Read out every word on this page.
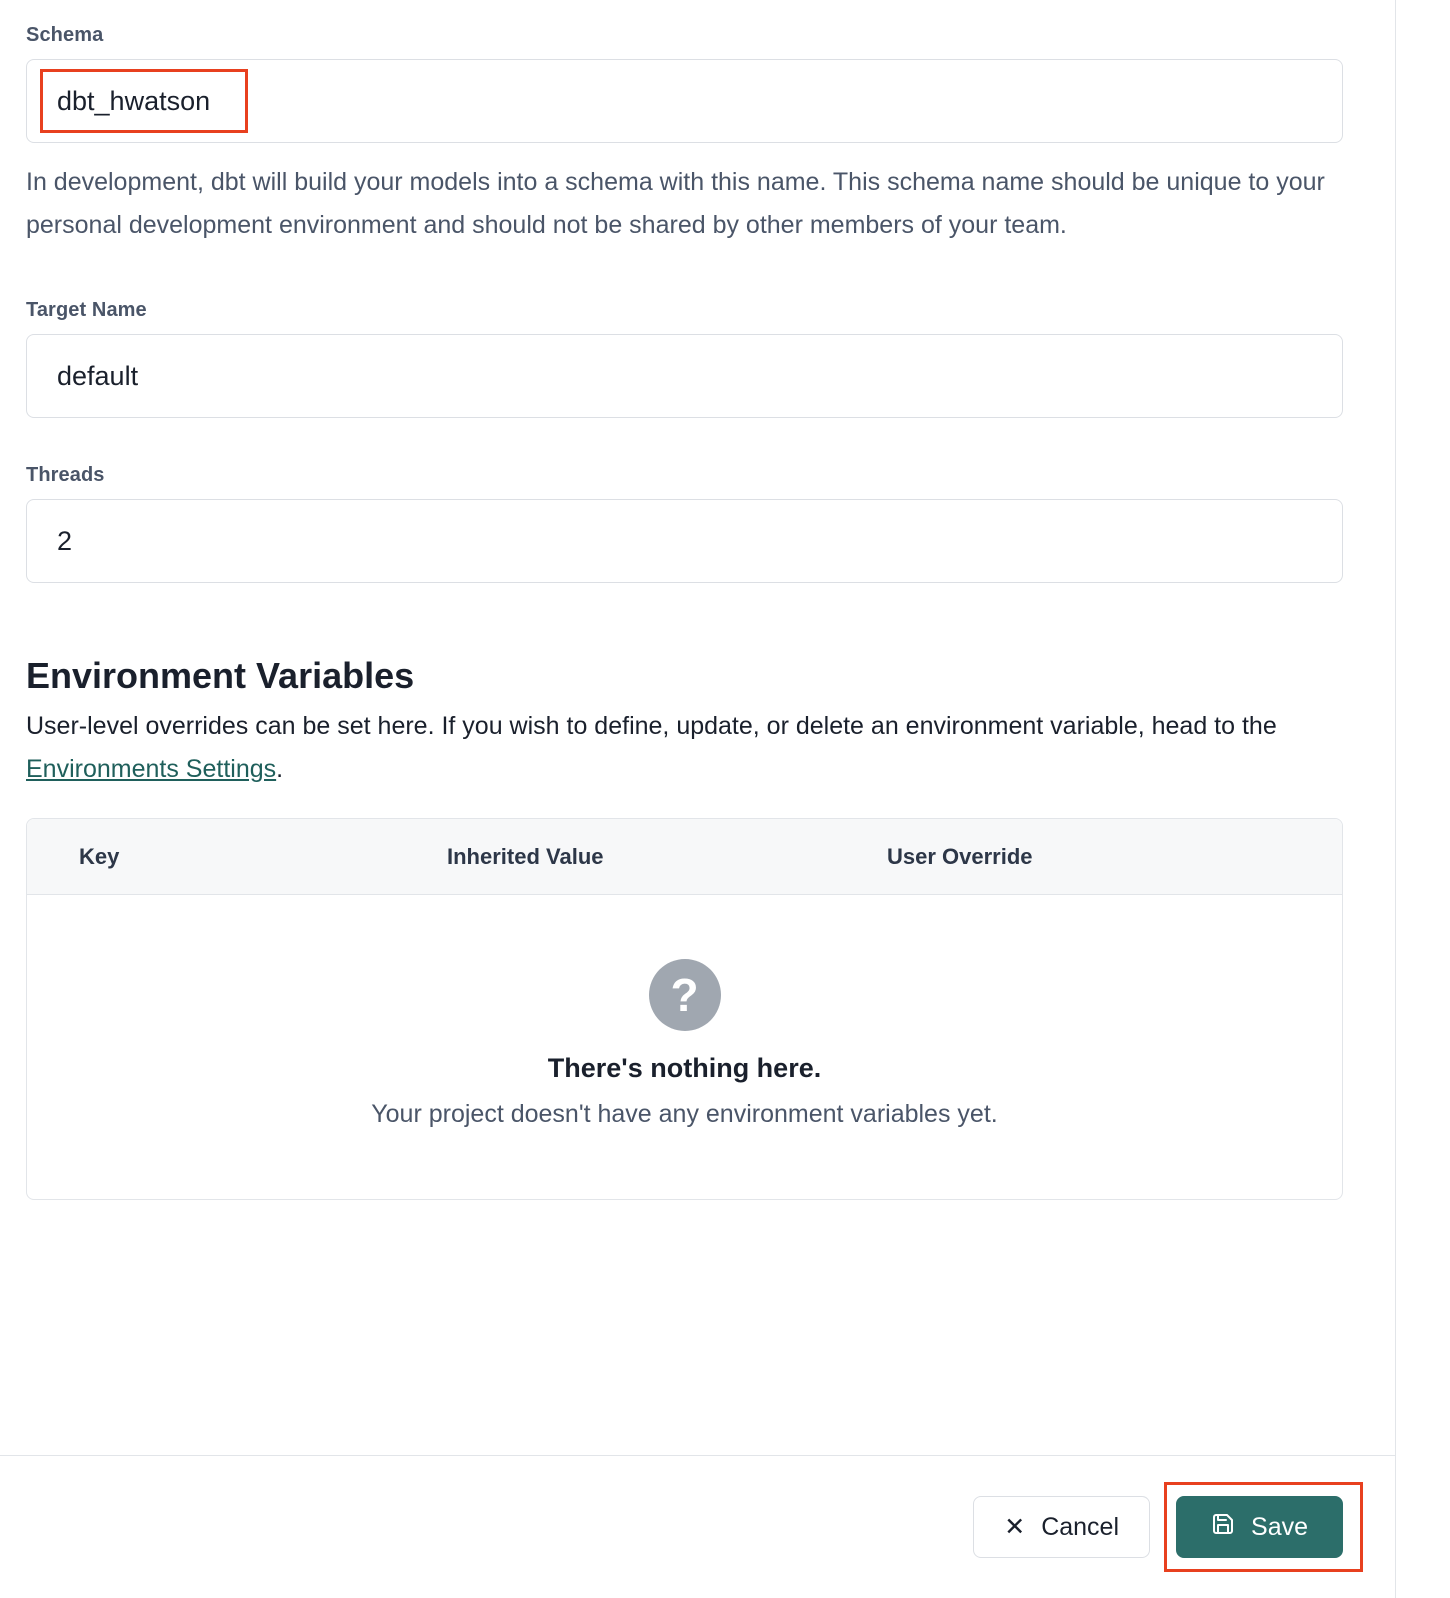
Schema
dbt_hwatson

In development, dbt will build your models into a schema with this name. This schema name should be unique to your personal development environment and should not be shared by other members of your team.

Target Name
default
Threads
2
Environment Variables

User-level overrides can be set here. If you wish to define, update, or delete an environment variable, head to the Environments Settings.

Key	Inherited Value	User Override
?
There's nothing here.
Your project doesn't have any environment variables yet.
✕ Cancel	Save
